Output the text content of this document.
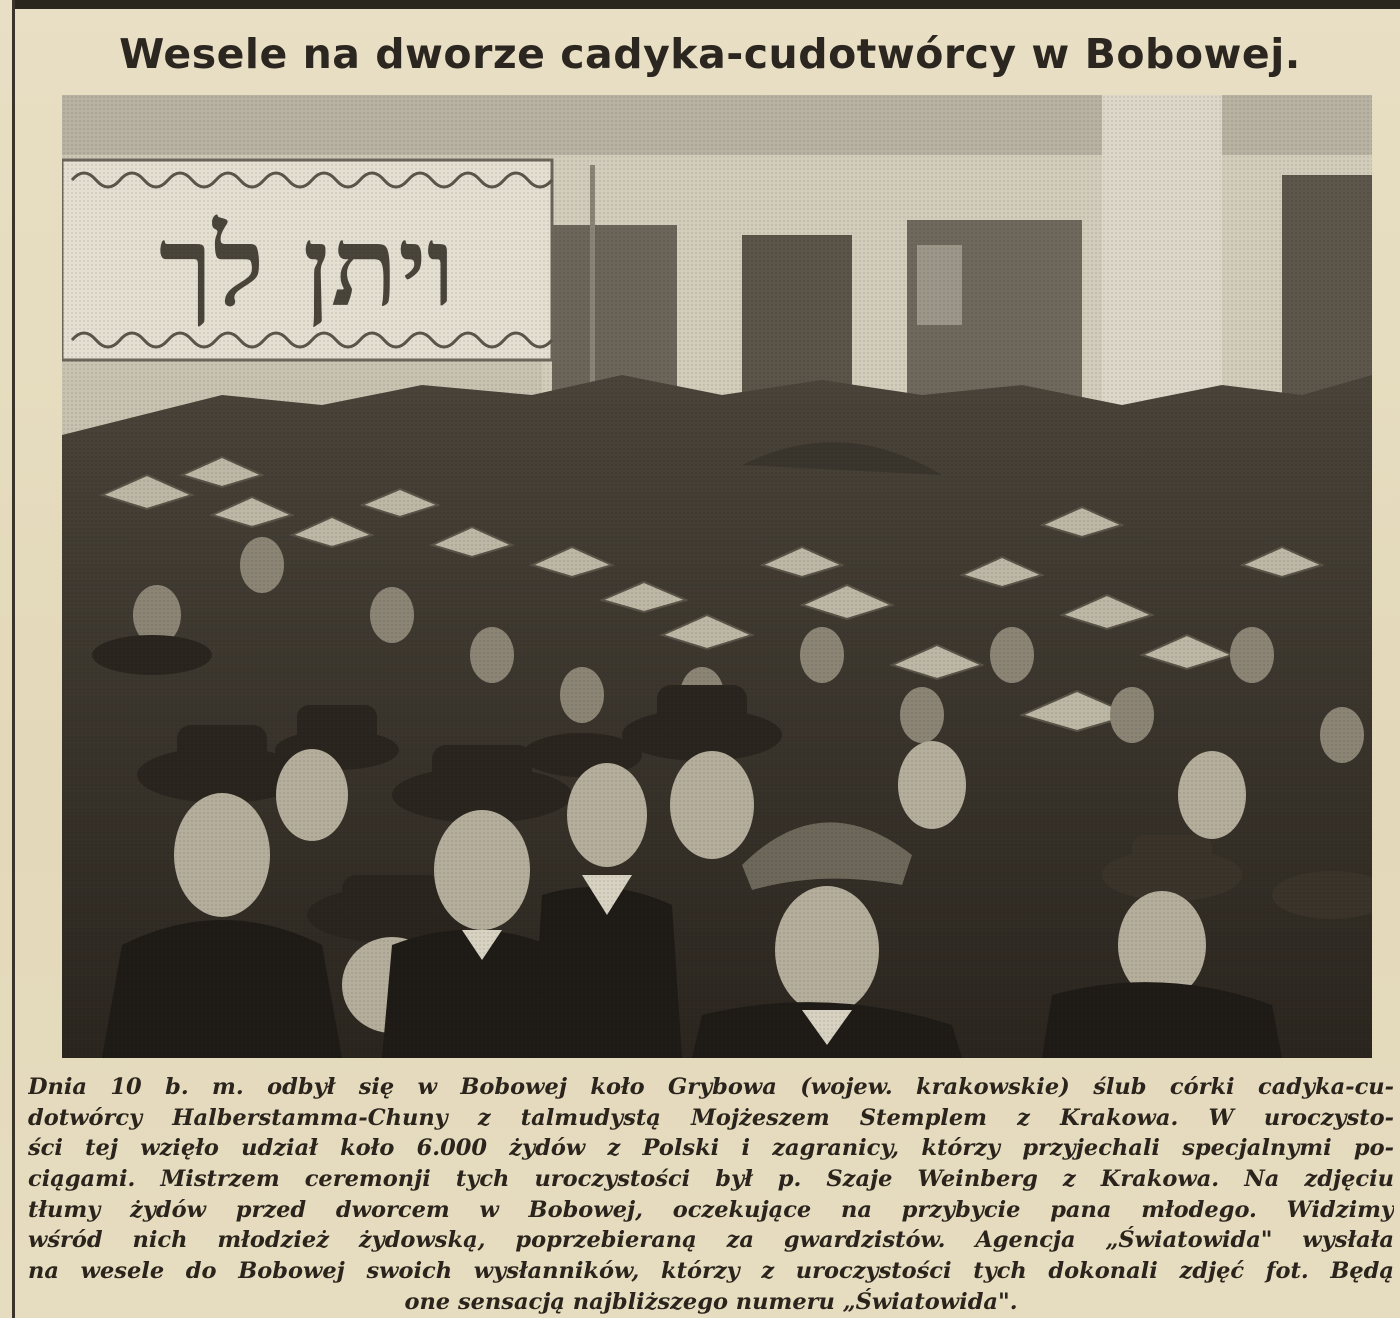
Wesele na dworze cadyka-cudotwórcy w Bobowej.
Dnia 10 b. m. odbył się w Bobowej koło Grybowa (wojew. krakowskie) ślub córki cadyka-cu-
dotwórcy Halberstamma-Chuny z talmudystą Mojżeszem Stemplem z Krakowa. W uroczysto-
ści tej wzięło udział koło 6.000 żydów z Polski i zagranicy, którzy przyjechali specjalnymi po-
ciągami. Mistrzem ceremonji tych uroczystości był p. Szaje Weinberg z Krakowa. Na zdjęciu
tłumy żydów przed dworcem w Bobowej, oczekujące na przybycie pana młodego. Widzimy
wśród nich młodzież żydowską, poprzebieraną za gwardzistów. Agencja „Światowida" wysłała
na wesele do Bobowej swoich wysłanników, którzy z uroczystości tych dokonali zdjęć fot. Będą
one sensacją najbliższego numeru „Światowida".
